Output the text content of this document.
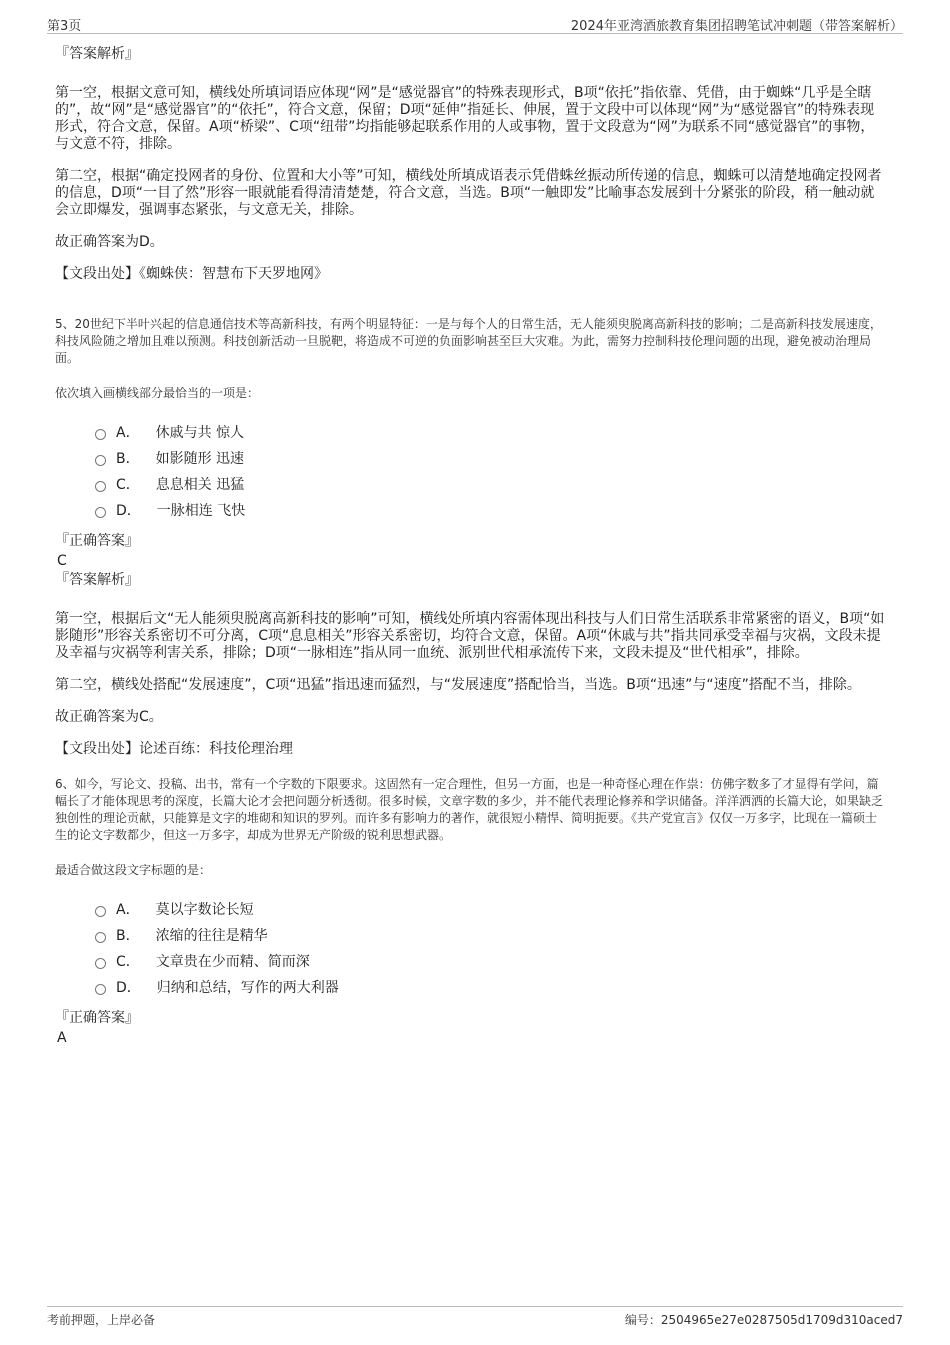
第3页	2024年亚湾酒旅教育集团招聘笔试冲刺题（带答案解析）

『答案解析』

第一空，根据文意可知，横线处所填词语应体现“网”是“感觉器官”的特殊表现形式，B项“依托”指依靠、凭借，由于蜘蛛“几乎是全瞎的”，故“网”是“感觉器官”的“依托”，符合文意，保留；D项“延伸”指延长、伸展，置于文段中可以体现“网”为“感觉器官”的特殊表现形式，符合文意，保留。A项“桥梁”、C项“纽带”均指能够起联系作用的人或事物，置于文段意为“网”为联系不同“感觉器官”的事物，与文意不符，排除。

第二空，根据“确定投网者的身份、位置和大小等”可知，横线处所填成语表示凭借蛛丝振动所传递的信息，蜘蛛可以清楚地确定投网者的信息，D项“一目了然”形容一眼就能看得清清楚楚，符合文意，当选。B项“一触即发”比喻事态发展到十分紧张的阶段，稍一触动就会立即爆发，强调事态紧张，与文意无关，排除。

故正确答案为D。

【文段出处】《蜘蛛侠：智慧布下天罗地网》

5、20世纪下半叶兴起的信息通信技术等高新科技，有两个明显特征：一是与每个人的日常生活，无人能须臾脱离高新科技的影响；二是高新科技发展速度，科技风险随之增加且难以预测。科技创新活动一旦脱靶，将造成不可逆的负面影响甚至巨大灾难。为此，需努力控制科技伦理问题的出现，避免被动治理局面。
依次填入画横线部分最恰当的一项是：
A． 休戚与共 惊人
B． 如影随形 迅速
C． 息息相关 迅猛
D． 一脉相连 飞快

『正确答案』

C

『答案解析』

第一空，根据后文“无人能须臾脱离高新科技的影响”可知，横线处所填内容需体现出科技与人们日常生活联系非常紧密的语义，B项“如影随形”形容关系密切不可分离，C项“息息相关”形容关系密切，均符合文意，保留。A项“休戚与共”指共同承受幸福与灾祸，文段未提及幸福与灾祸等利害关系，排除；D项“一脉相连”指从同一血统、派别世代相承流传下来，文段未提及“世代相承”，排除。

第二空，横线处搭配“发展速度”，C项“迅猛”指迅速而猛烈，与“发展速度”搭配恰当，当选。B项“迅速”与“速度”搭配不当，排除。

故正确答案为C。

【文段出处】论述百练：科技伦理治理

6、如今，写论文、投稿、出书，常有一个字数的下限要求。这固然有一定合理性，但另一方面，也是一种奇怪心理在作祟：仿佛字数多了才显得有学问，篇幅长了才能体现思考的深度，长篇大论才会把问题分析透彻。很多时候，文章字数的多少，并不能代表理论修养和学识储备。洋洋洒洒的长篇大论，如果缺乏独创性的理论贡献，只能算是文字的堆砌和知识的罗列。而许多有影响力的著作，就很短小精悍、简明扼要。《共产党宣言》仅仅一万多字，比现在一篇硕士生的论文字数都少，但这一万多字，却成为世界无产阶级的锐利思想武器。
最适合做这段文字标题的是：
A． 莫以字数论长短
B． 浓缩的往往是精华
C． 文章贵在少而精、简而深
D． 归纳和总结，写作的两大利器

『正确答案』

A

考前押题，上岸必备	编号：2504965e27e0287505d1709d310aced7
